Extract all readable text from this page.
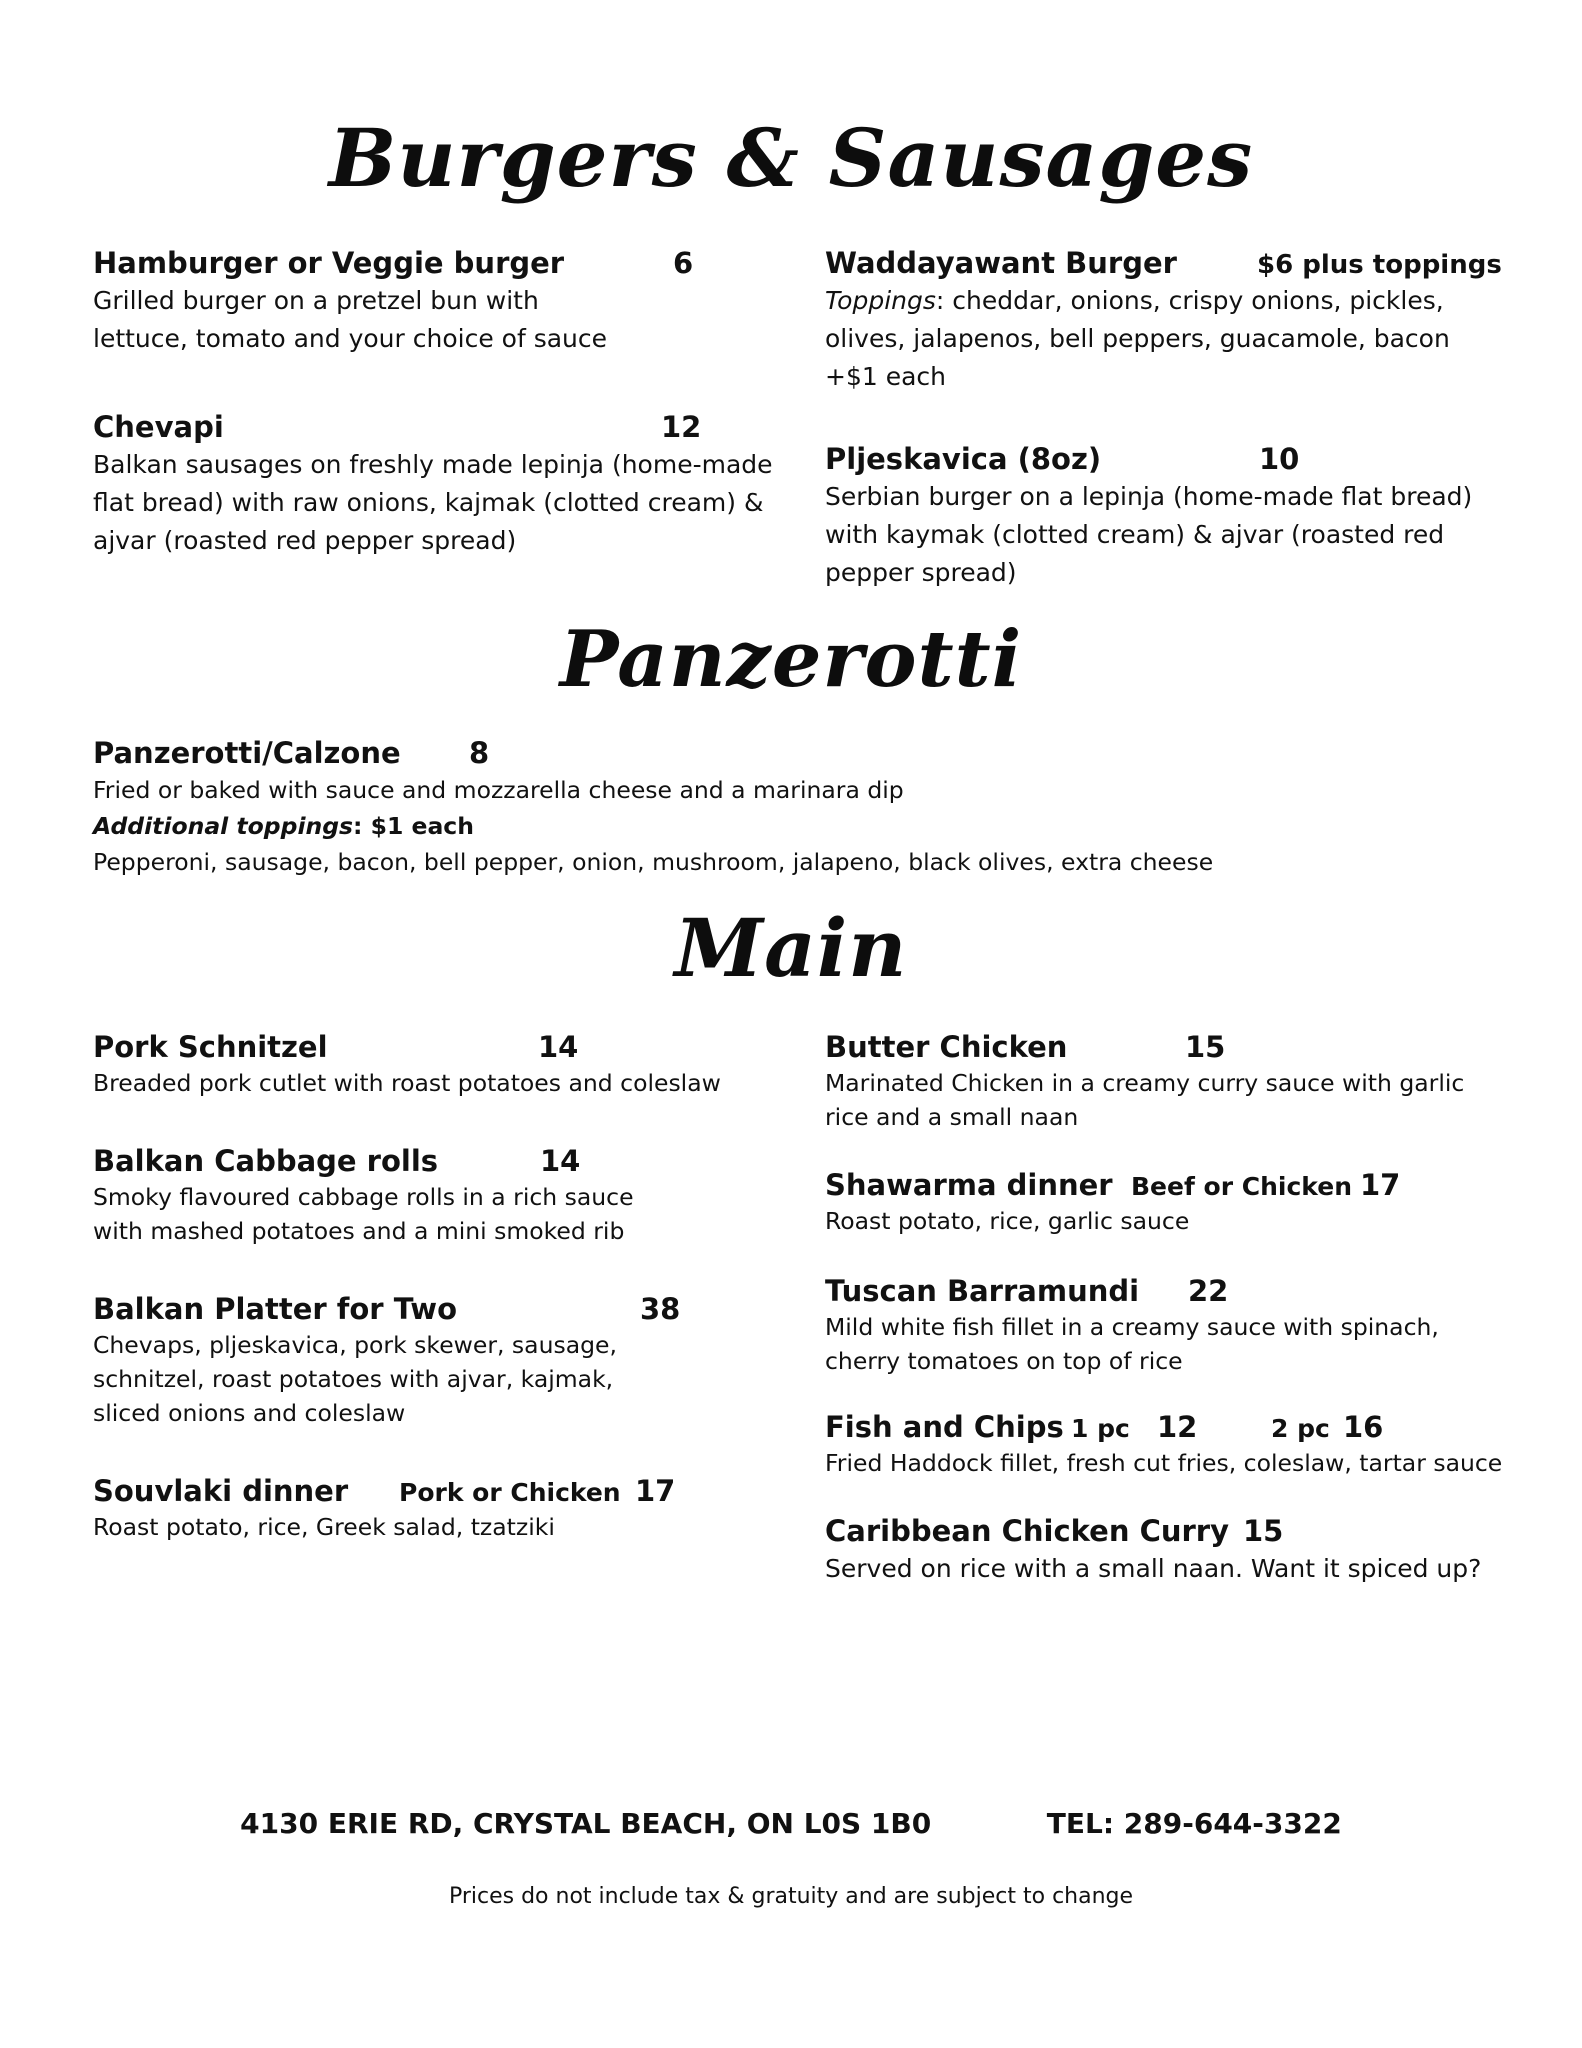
Burgers & Sausages
Hamburger or Veggie burger	6

Grilled burger on a pretzel bun with

lettuce, tomato and your choice of sauce

Waddayawant Burger	$6 plus toppings

Toppings: cheddar, onions, crispy onions, pickles,

olives, jalapenos, bell peppers, guacamole, bacon

+$1 each

Chevapi	12

Balkan sausages on freshly made lepinja (home-made

flat bread) with raw onions, kajmak (clotted cream) &

ajvar (roasted red pepper spread)

Pljeskavica (8oz)	10

Serbian burger on a lepinja (home-made flat bread)

with kaymak (clotted cream) & ajvar (roasted red

pepper spread)

Panzerotti
Panzerotti/Calzone 8

Fried or baked with sauce and mozzarella cheese and a marinara dip

Additional toppings: $1 each

Pepperoni, sausage, bacon, bell pepper, onion, mushroom, jalapeno, black olives, extra cheese

Main
Pork Schnitzel	14

Breaded pork cutlet with roast potatoes and coleslaw

Balkan Cabbage rolls	14

Smoky flavoured cabbage rolls in a rich sauce

with mashed potatoes and a mini smoked rib

Balkan Platter for Two	38

Chevaps, pljeskavica, pork skewer, sausage,

schnitzel, roast potatoes with ajvar, kajmak,

sliced onions and coleslaw

Souvlaki dinner Pork or Chicken 17

Roast potato, rice, Greek salad, tzatziki

Butter Chicken	15

Marinated Chicken in a creamy curry sauce with garlic

rice and a small naan

Shawarma dinner Beef or Chicken 17

Roast potato, rice, garlic sauce

Tuscan Barramundi 22

Mild white fish fillet in a creamy sauce with spinach,

cherry tomatoes on top of rice

Fish and Chips 1 pc 12	2 pc 16

Fried Haddock fillet, fresh cut fries, coleslaw, tartar sauce

Caribbean Chicken Curry 15

Served on rice with a small naan. Want it spiced up?

4130 ERIE RD, CRYSTAL BEACH, ON L0S 1B0	TEL: 289-644-3322
Prices do not include tax & gratuity and are subject to change
